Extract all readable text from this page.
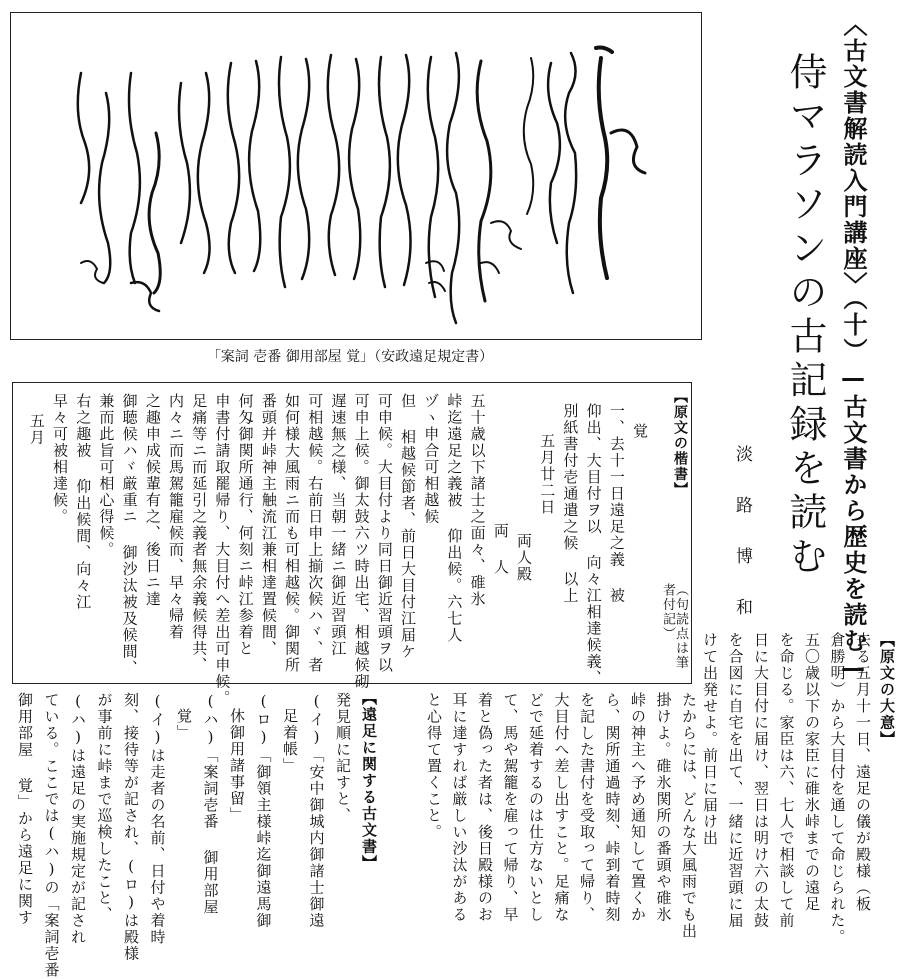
「案詞 壱番 御用部屋 覚」（安政遠足規定書）
【原文の楷書】
（句読点は筆者付記）
覚
一、去十一日遠足之義 被
仰出、大目付ヲ以 向々江相達候義、
別紙書付壱通遣之候 以上
五月廿二日
両人殿
両 人
五十歳以下諸士之面々、碓氷
峠迄遠足之義被 仰出候。六七人
ヅヽ申合可相越候
但 相越候節者、前日大目付江届ケ
可申候。大目付より同日御近習頭ヲ以
可申上候。御太鼓六ツ時出宅、相越候砌
遅速無之様、当朝一緒ニ御近習頭江
可相越候。右前日申上揃次候ハヾ、者
如何様大風雨ニ而も可相越候。御関所
番頭并峠神主触流江兼相達置候間、
何匁御関所通行、何刻ニ峠江参着と
申書付請取罷帰り、大目付へ差出可申候。
足痛等ニ而延引之義者無余義候得共、
内々ニ而馬駕籠雇候而、早々帰着
之趣申成候輩有之、後日ニ達
御聴候ハヾ厳重ニ 御沙汰被及候間、
兼而此旨可相心得候。
右之趣被 仰出候間、向々江
早々可被相達候。
五月	〈古文書解読入門講座〉（十）—古文書から歴史を読む—
侍マラソンの古記録を読む
淡路博和
【原文の大意】
去る五月十一日、遠足の儀が殿様（板
倉勝明）から大目付を通して命じられた。
五〇歳以下の家臣に碓氷峠までの遠足
を命じる。家臣は六、七人で相談して前
日に大目付に届け、翌日は明け六の太鼓
を合図に自宅を出て、一緒に近習頭に届
けて出発せよ。前日に届け出
たからには、どんな大風雨でも出
掛けよ。碓氷関所の番頭や碓氷
峠の神主へ予め通知して置くか
ら、関所通過時刻、峠到着時刻
を記した書付を受取って帰り、
大目付へ差し出すこと。足痛な
どで延着するのは仕方ないとし
て、馬や駕籠を雇って帰り、早
着と偽った者は、後日殿様のお
耳に達すれば厳しい沙汰がある
と心得て置くこと。
【遠足に関する古文書】
発見順に記すと、
(イ)「安中御城内御諸士御遠
足着帳」
(ロ)「御領主様峠迄御遠馬御
休御用諸事留」
(ハ)「案詞壱番 御用部屋
覚」
(イ)は走者の名前、日付や着時
刻、接待等が記され、(ロ)は殿様
が事前に峠まで巡検したこと、
(ハ)は遠足の実施規定が記され
ている。ここでは(ハ)の「案詞壱番
御用部屋 覚」から遠足に関す
